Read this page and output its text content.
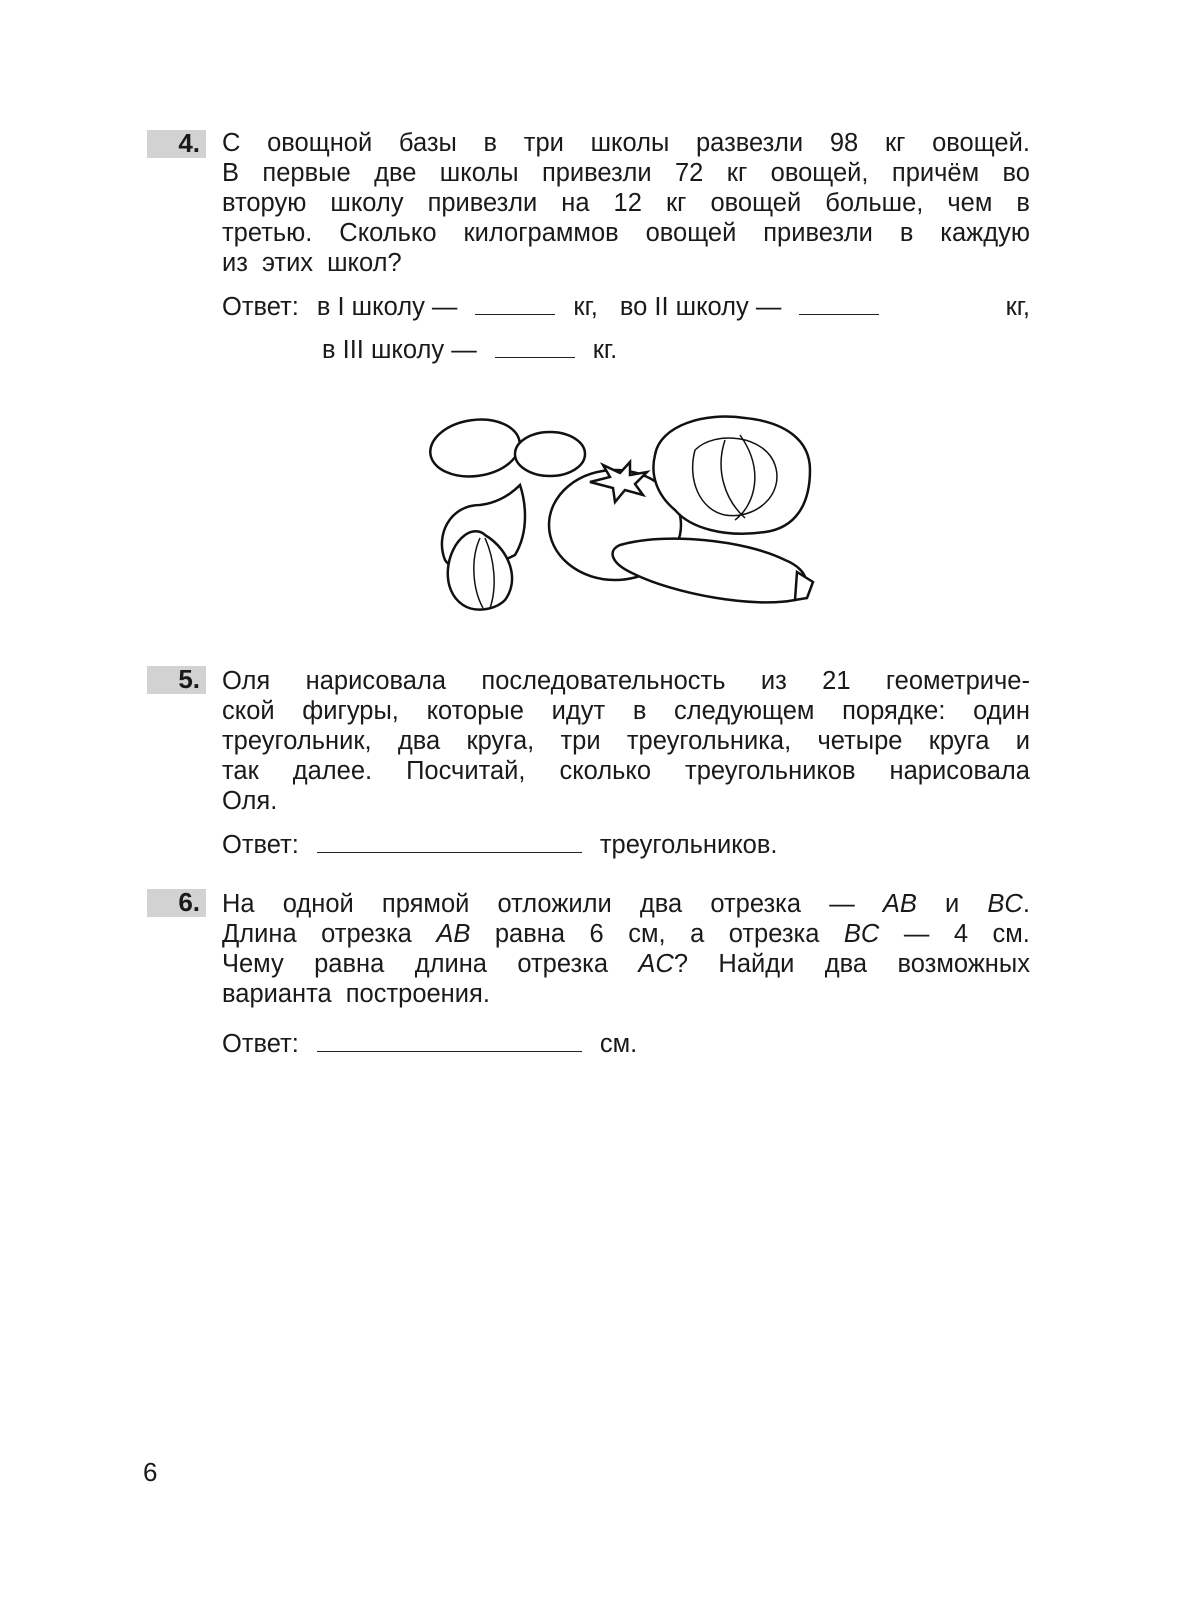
4. С овощной базы в три школы развезли 98 кг овощей.
В первые две школы привезли 72 кг овощей, причём во
вторую школу привезли на 12 кг овощей больше, чем в
третью. Сколько килограммов овощей привезли в каждую
из этих школ?
Ответ: в I школу —	кг, во II школу —	кг,
в III школу —	кг.
5. Оля нарисовала последовательность из 21 геометриче-
ской фигуры, которые идут в следующем порядке: один
треугольник, два круга, три треугольника, четыре круга и
так далее. Посчитай, сколько треугольников нарисовала
Оля.
Ответ:	треугольников.
6. На одной прямой отложили два отрезка — AB и BC.
Длина отрезка AB равна 6 см, а отрезка BC — 4 см.
Чему равна длина отрезка AC? Найди два возможных
варианта построения.
Ответ:	см.
6
